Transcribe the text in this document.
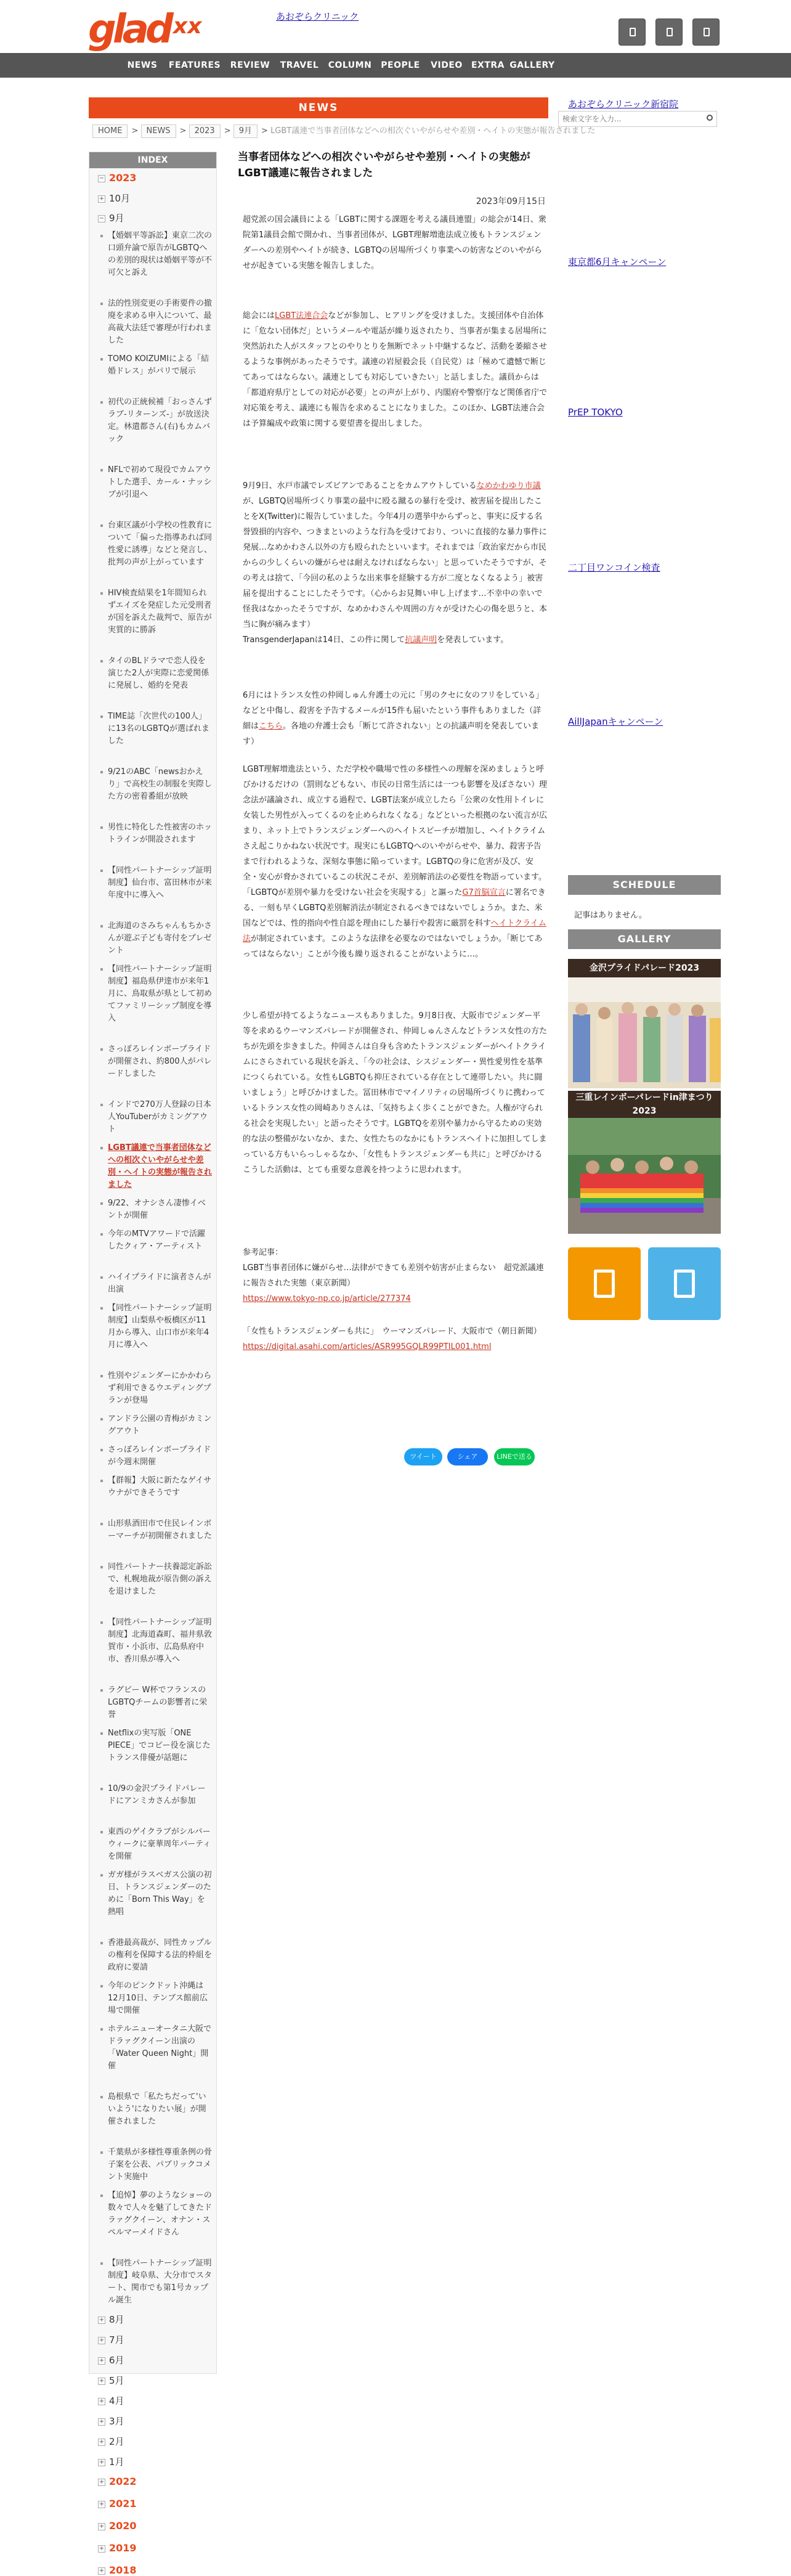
glad xx	あおぞらクリニック
NEWS	FEATURES	REVIEW	TRAVEL	COLUMN	PEOPLE	VIDEO	EXTRA GALLERY
検索文字を入力...
NEWS
HOME > NEWS > 2023 > 9月 > LGBT議連で当事者団体などへの相次ぐいやがらせや差別・ヘイトの実態が報告されました
INDEX
− 2023
+ 10月
− 9月
【婚姻平等訴訟】東京二次の口頭弁論で原告がLGBTQへの差別的現状は婚姻平等が不可欠と訴え
法的性別変更の手術要件の撤廃を求める申入について、最高裁大法廷で審理が行われました
TOMO KOIZUMIによる「結婚ドレス」がパリで展示
初代の正統候補「おっさんずラブ-リターンズ-」が放送決定。林遣都さん(右)もカムバック
NFLで初めて現役でカムアウトした選手、カール・ナッシブが引退へ
台東区議が小学校の性教育について「偏った指導あれば同性愛に誘導」などと発言し、批判の声が上がっています
HIV検査結果を1年間知られずエイズを発症した元受刑者が国を訴えた裁判で、原告が実質的に勝訴
タイのBLドラマで恋人役を演じた2人が実際に恋愛関係に発展し、婚約を発表
TIME誌「次世代の100人」に13名のLGBTQが選ばれました
9/21のABC「newsおかえり」で高校生の制服を実際した方の密着番組が放映
男性に特化した性被害のホットラインが開設されます
【同性パートナーシップ証明制度】仙台市、富田林市が来年度中に導入へ
北海道のさみちゃんもちかさんが遊ぶ子ども寄付をプレゼント
【同性パートナーシップ証明制度】福島県伊達市が来年1月に、鳥取県が県として初めてファミリーシップ制度を導入
さっぽろレインボープライドが開催され、約800人がパレードしました
インドで270万人登録の日本人YouTuberがカミングアウト
LGBT議連で当事者団体などへの相次ぐいやがらせや差別・ヘイトの実態が報告されました
9/22、オナシさん凄惨イベントが開催
今年のMTVアワードで活躍したクィア・アーティスト
ハイイプライドに演者さんが出演
【同性パートナーシップ証明制度】山梨県や板橋区が11月から導入、山口市が来年4月に導入へ
性別やジェンダーにかかわらず利用できるウエディングプランが登場
アンドラ公園の青梅がカミングアウト
さっぽろレインボープライドが今週末開催
【群報】大阪に新たなゲイサウナができそうです
山形県酒田市で住民レインボーマーチが初開催されました
同性パートナー扶養認定訴訟で、札幌地裁が原告側の訴えを退けました
【同性パートナーシップ証明制度】北海道森町、福井県敦賀市・小浜市、広島県府中市、香川県が導入へ
ラグビー W杯でフランスのLGBTQチームの影響者に栄誉
Netflixの実写版「ONE PIECE」でコビー役を演じたトランス俳優が話題に
10/9の金沢プライドパレードにアンミカさんが参加
東西のゲイクラブがシルバーウィークに豪華周年パーティを開催
ガガ様がラスベガス公演の初日、トランスジェンダーのために「Born This Way」を熱唱
香港最高裁が、同性カップルの権利を保障する法的枠組を政府に要請
今年のピンクドット沖縄は12月10日、テンブス館前広場で開催
ホテルニューオータニ大阪でドラァグクイーン出演の「Water Queen Night」開催
島根県で「私たちだって'いいよう'になりたい展」が開催されました
千葉県が多様性尊重条例の骨子案を公表、パブリックコメント実施中
【追悼】夢のようなショーの数々で人々を魅了してきたドラァグクイーン、オナン・スペルマーメイドさん
【同性パートナーシップ証明制度】岐阜県、大分市でスタート、関市でも第1号カップル誕生
+ 8月
+ 7月
+ 6月
+ 5月
+ 4月
+ 3月
+ 2月
+ 1月
+ 2022
+ 2021
+ 2020
+ 2019
+ 2018
当事者団体などへの相次ぐいやがらせや差別・ヘイトの実態がLGBT議連に報告されました
2023年09月15日
超党派の国会議員による「LGBTに関する課題を考える議員連盟」の総会が14日、衆院第1議員会館で開かれ、当事者団体が、LGBT理解増進法成立後もトランスジェンダーへの差別やヘイトが続き、LGBTQの居場所づくり事業への妨害などのいやがらせが起きている実態を報告しました。
総会にはLGBT法連合会などが参加し、ヒアリングを受けました。支援団体や自治体に「危ない団体だ」というメールや電話が繰り返されたり、当事者が集まる居場所に突然訪れた人がスタッフとのやりとりを無断でネット中継するなど、活動を萎縮させるような事例があったそうです。議連の岩屋毅会長（自民党）は「極めて遺憾で断じてあってはならない。議連としても対応していきたい」と話しました。議員からは「都道府県庁としての対応が必要」との声が上がり、内閣府や警察庁など関係省庁で対応策を考え、議連にも報告を求めることになりました。このほか、LGBT法連合会は予算編成や政策に関する要望書を提出しました。
9月9日、水戸市議でレズビアンであることをカムアウトしているなめかわゆり市議が、LGBTQ居場所づくり事業の最中に殴る蹴るの暴行を受け、被害届を提出したことをX(Twitter)に報告していました。今年4月の選挙中からずっと、事実に反する名誉毀損的内容や、つきまといのような行為を受けており、ついに直接的な暴力事件に発展…なめかわさん以外の方も殴られたといいます。それまでは「政治家だから市民からの少しくらいの嫌がらせは耐えなければならない」と思っていたそうですが、その考えは捨て、「今回の私のような出来事を経験する方が二度となくなるよう」被害届を提出することにしたそうです。（心からお見舞い申し上げます…不幸中の幸いで怪我はなかったそうですが、なめかわさんや周囲の方々が受けた心の傷を思うと、本当に胸が痛みます）
TransgenderJapanは14日、この件に関して抗議声明を発表しています。
6月にはトランス女性の仲岡しゅん弁護士の元に「男のクセに女のフリをしている」などと中傷し、殺害を予告するメールが15件も届いたという事件もありました（詳細はこちら。各地の弁護士会も「断じて許されない」との抗議声明を発表しています）
LGBT理解増進法という、ただ学校や職場で性の多様性への理解を深めましょうと呼びかけるだけの（罰則などもない、市民の日常生活には一つも影響を及ぼさない）理念法が議論され、成立する過程で、LGBT法案が成立したら「公衆の女性用トイレに女装した男性が入ってくるのを止められなくなる」などといった根拠のない流言が広まり、ネット上でトランスジェンダーへのヘイトスピーチが増加し、ヘイトクライムさえ起こりかねない状況です。現実にもLGBTQへのいやがらせや、暴力、殺害予告まで行われるような、深刻な事態に陥っています。LGBTQの身に危害が及び、安全・安心が脅かされているこの状況こそが、差別解消法の必要性を物語っています。「LGBTQが差別や暴力を受けない社会を実現する」と謳ったG7首脳宣言に署名できる、一刻も早くLGBTQ差別解消法が制定されるべきではないでしょうか。また、米国などでは、性的指向や性自認を理由にした暴行や殺害に厳罰を科すヘイトクライム法が制定されています。このような法律を必要なのではないでしょうか。「断じてあってはならない」ことが今後も繰り返されることがないように…。
少し希望が持てるようなニュースもありました。9月8日夜、大阪市でジェンダー平等を求めるウーマンズパレードが開催され、仲岡しゅんさんなどトランス女性の方たちが先頭を歩きました。仲岡さんは自身も含めたトランスジェンダーがヘイトクライムにさらされている現状を訴え、「今の社会は、シスジェンダー・異性愛男性を基準につくられている。女性もLGBTQも抑圧されている存在として連帯したい。共に闘いましょう」と呼びかけました。冨田林市でマイノリティの居場所づくりに携わっているトランス女性の岡崎ありさんは、「気持ちよく歩くことができた。人権が守られる社会を実現したい」と語ったそうです。LGBTQを差別や暴力から守るための実効的な法の整備がないなか、また、女性たちのなかにもトランスヘイトに加担してしまっている方もいらっしゃるなか、「女性もトランスジェンダーも共に」と呼びかけるこうした活動は、とても重要な意義を持つように思われます。
参考記事：
LGBT当事者団体に嫌がらせ…法律ができても差別や妨害が止まらない　超党派議連に報告された実態（東京新聞）
https://www.tokyo-np.co.jp/article/277374
「女性もトランスジェンダーも共に」　ウーマンズパレード、大阪市で（朝日新聞）
https://digital.asahi.com/articles/ASR995GQLR99PTIL001.html
ツイート	シェア	LINEで送る
あおぞらクリニック新宿院
東京都6月キャンペーン
PrEP TOKYO
二丁目ワンコイン検査
AillJapanキャンペーン
SCHEDULE
記事はありません。
GALLERY
金沢プライドパレード2023
三重レインボーパレードin津まつり2023
